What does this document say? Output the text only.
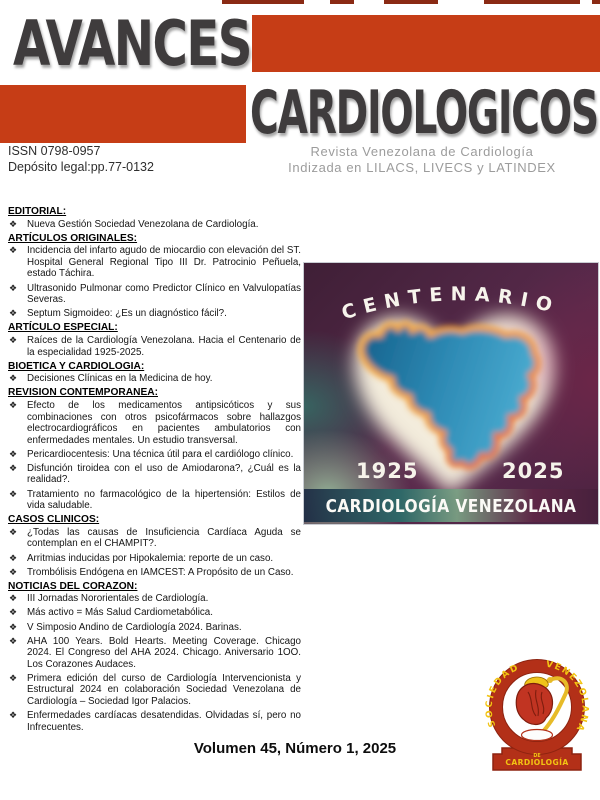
AVANCES
CARDIOLOGICOS
ISSN 0798-0957
Depósito legal:pp.77-0132
Revista Venezolana de Cardiología
Indizada en LILACS, LIVECS y LATINDEX
EDITORIAL:
❖ Nueva Gestión Sociedad Venezolana de Cardiología.
ARTÍCULOS ORIGINALES:
❖ Incidencia del infarto agudo de miocardio con elevación del ST. Hospital General Regional Tipo III Dr. Patrocinio Peñuela, estado Táchira.
❖ Ultrasonido Pulmonar como Predictor Clínico en Valvulopatías Severas.
❖ Septum Sigmoideo: ¿Es un diagnóstico fácil?.
ARTÍCULO ESPECIAL:
❖ Raíces de la Cardiología Venezolana. Hacia el Centenario de la especialidad 1925-2025.
BIOETICA Y CARDIOLOGIA:
❖ Decisiones Clínicas en la Medicina de hoy.
REVISION CONTEMPORANEA:
❖ Efecto de los medicamentos antipsicóticos y sus combinaciones con otros psicofármacos sobre hallazgos electrocardiográficos en pacientes ambulatorios con enfermedades mentales. Un estudio transversal.
❖ Pericardiocentesis: Una técnica útil para el cardiólogo clínico.
❖ Disfunción tiroidea con el uso de Amiodarona?, ¿Cuál es la realidad?.
❖ Tratamiento no farmacológico de la hipertensión: Estilos de vida saludable.
CASOS CLINICOS:
❖ ¿Todas las causas de Insuficiencia Cardíaca Aguda se contemplan en el CHAMPIT?.
❖ Arritmias inducidas por Hipokalemia: reporte de un caso.
❖ Trombólisis Endógena en IAMCEST: A Propósito de un Caso.
NOTICIAS DEL CORAZON:
❖ III Jornadas Nororientales de Cardiología.
❖ Más activo = Más Salud Cardiometabólica.
❖ V Simposio Andino de Cardiología 2024. Barinas.
❖ AHA 100 Years. Bold Hearts. Meeting Coverage. Chicago 2024. El Congreso del AHA 2024. Chicago. Aniversario 1OO. Los Corazones Audaces.
❖ Primera edición del curso de Cardiología Intervencionista y Estructural 2024 en colaboración Sociedad Venezolana de Cardiología – Sociedad Igor Palacios.
❖ Enfermedades cardíacas desatendidas. Olvidadas sí, pero no Infrecuentes.
CENTENARIO
1925	2025
CARDIOLOGÍA VENEZOLANA
SOCIEDAD	VENEZOLANA
DE
CARDIOLOGÍA
Volumen 45, Número 1, 2025
